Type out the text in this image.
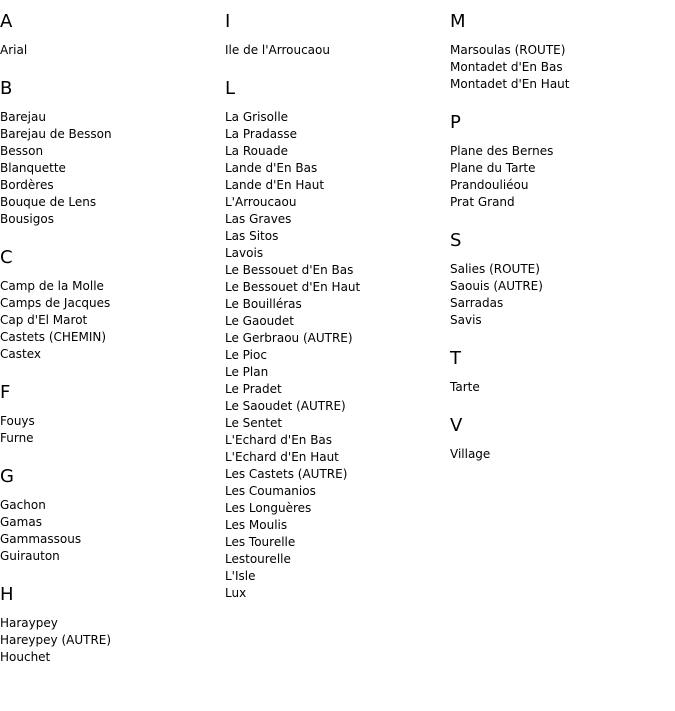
A
Arial
B
Barejau
Barejau de Besson
Besson
Blanquette
Bordères
Bouque de Lens
Bousigos
C
Camp de la Molle
Camps de Jacques
Cap d'El Marot
Castets (CHEMIN)
Castex
F
Fouys
Furne
G
Gachon
Gamas
Gammassous
Guirauton
H
Haraypey
Hareypey (AUTRE)
Houchet
I
Ile de l'Arroucaou
L
La Grisolle
La Pradasse
La Rouade
Lande d'En Bas
Lande d'En Haut
L'Arroucaou
Las Graves
Las Sitos
Lavois
Le Bessouet d'En Bas
Le Bessouet d'En Haut
Le Bouilléras
Le Gaoudet
Le Gerbraou (AUTRE)
Le Pioc
Le Plan
Le Pradet
Le Saoudet (AUTRE)
Le Sentet
L'Echard d'En Bas
L'Echard d'En Haut
Les Castets (AUTRE)
Les Coumanios
Les Longuères
Les Moulis
Les Tourelle
Lestourelle
L'Isle
Lux
M
Marsoulas (ROUTE)
Montadet d'En Bas
Montadet d'En Haut
P
Plane des Bernes
Plane du Tarte
Prandouliéou
Prat Grand
S
Salies (ROUTE)
Saouis (AUTRE)
Sarradas
Savis
T
Tarte
V
Village
